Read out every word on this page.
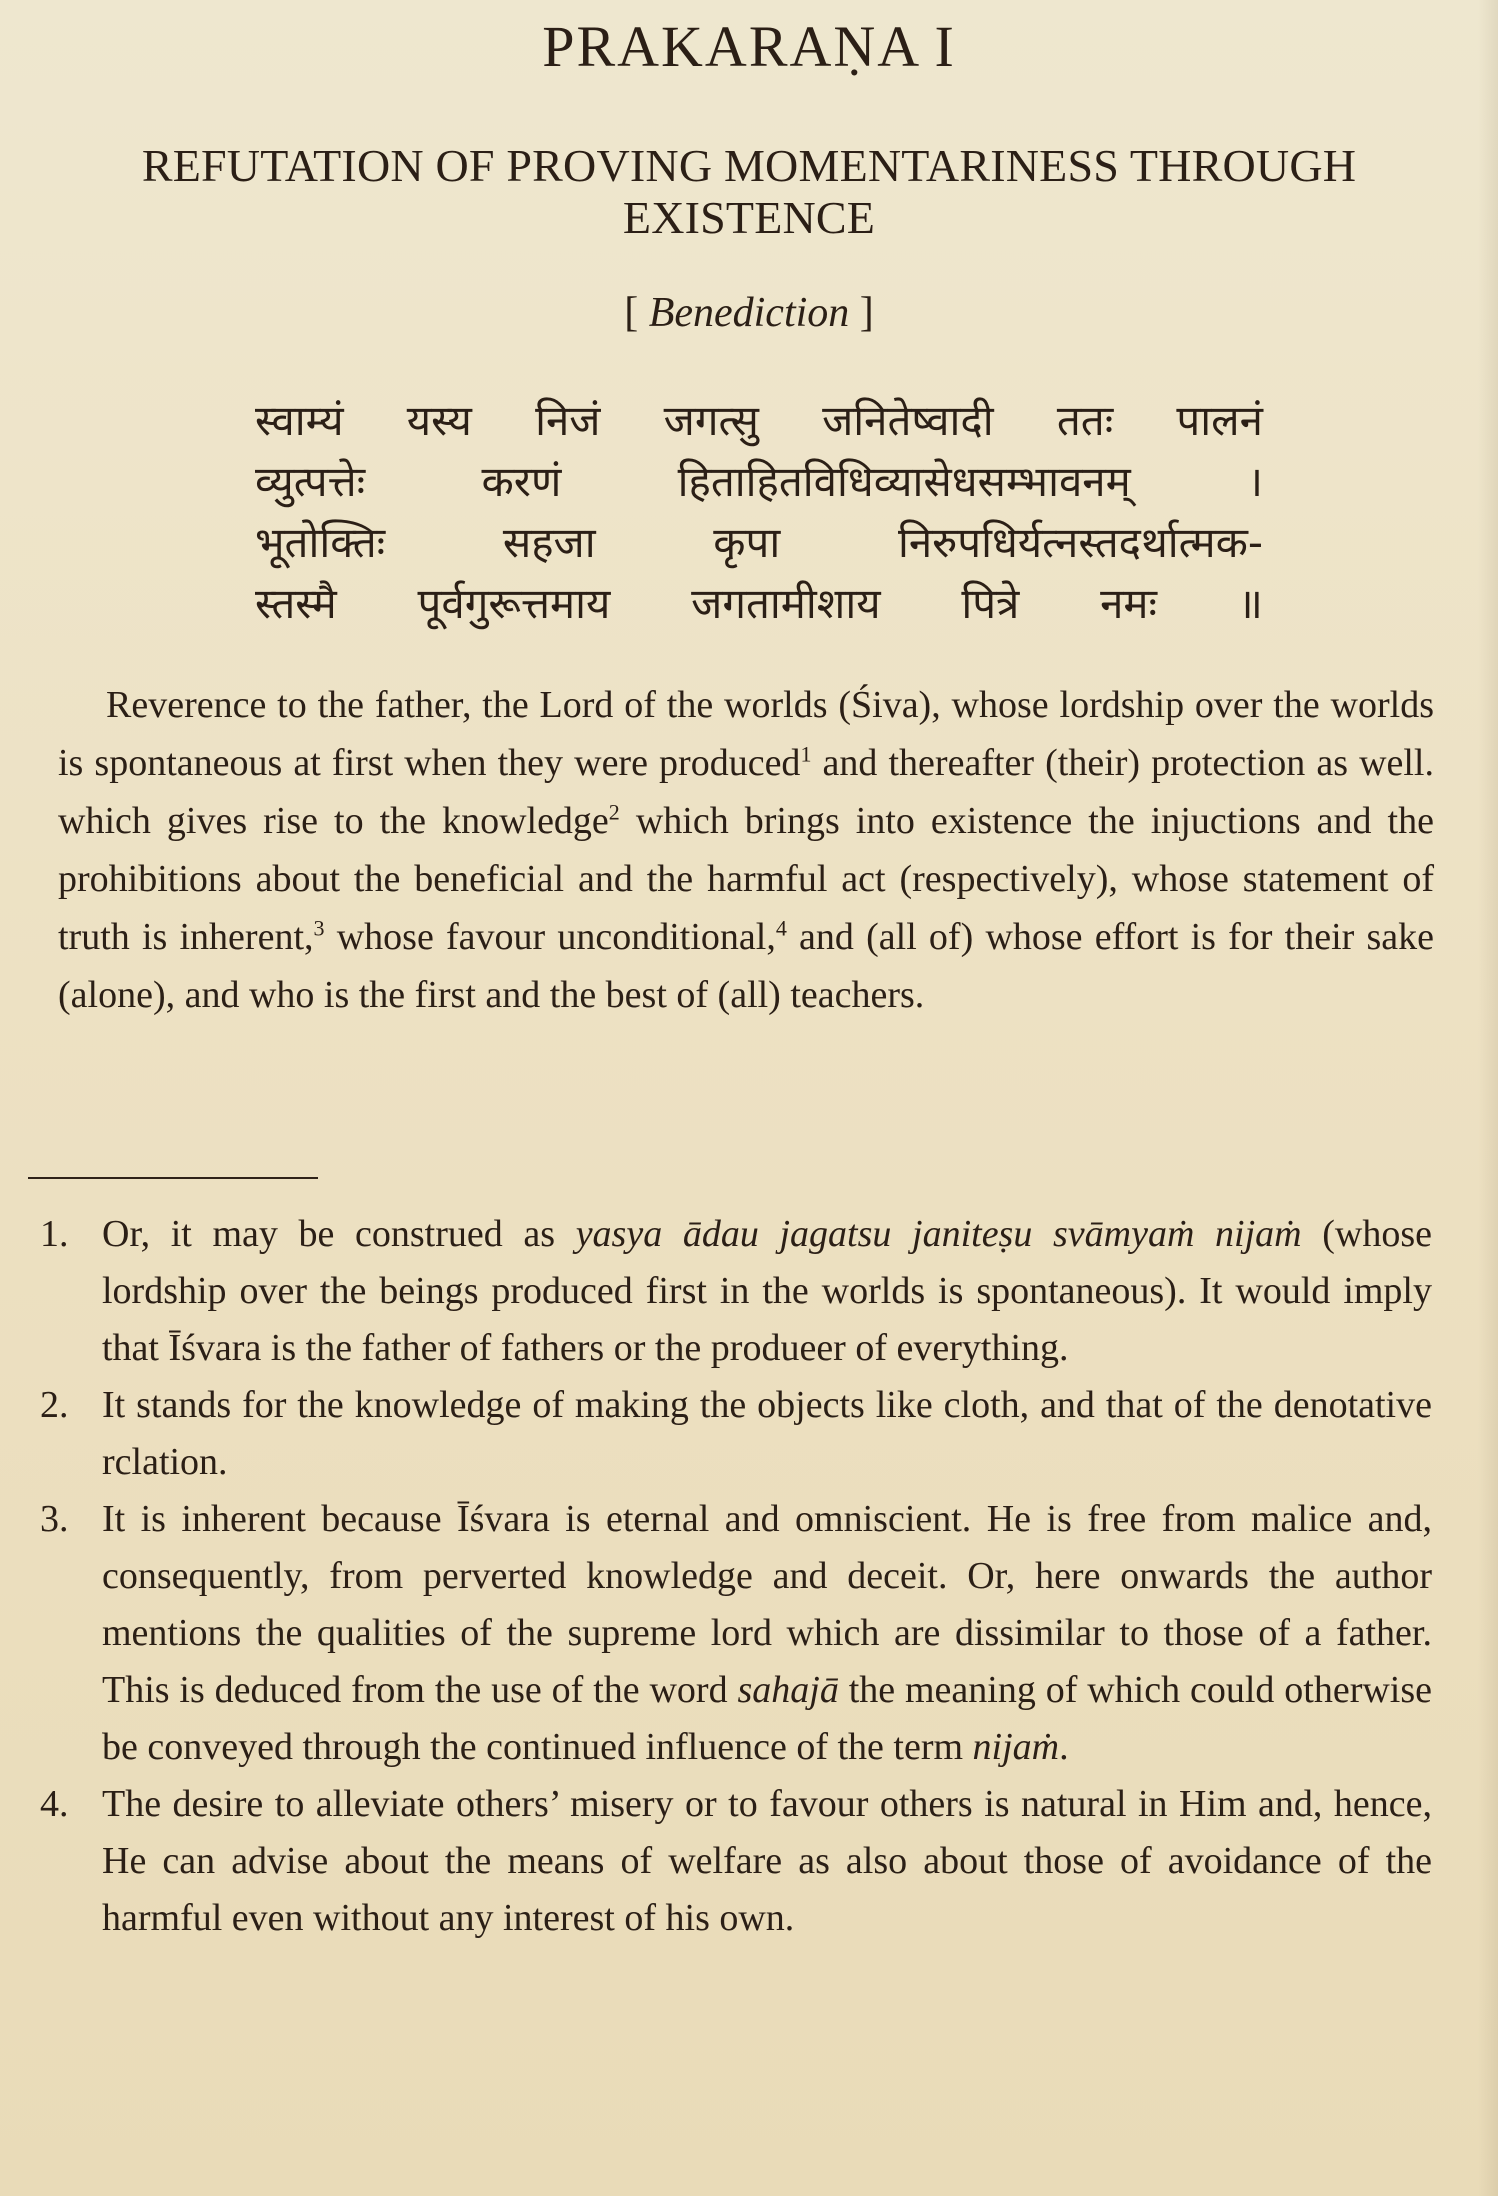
PRAKARAṆA I
REFUTATION OF PROVING MOMENTARINESS THROUGH
EXISTENCE
[ Benediction ]
स्वाम्यं यस्य निजं जगत्सु जनितेष्वादी ततः पालनं
व्युत्पत्तेः	करणं	हिताहितविधिव्यासेधसम्भावनम्	।
भूतोक्तिः	सहजा	कृपा	निरुपधिर्यत्नस्तदर्थात्मक-
स्तस्मै पूर्वगुरूत्तमाय जगतामीशाय पित्रे नमः ॥

Reverence to the father, the Lord of the worlds (Śiva), whose lordship over the worlds is spontaneous at first when they were produced$^1$ and thereafter (their) protection as well. which gives rise to the knowledge$^2$ which brings into existence the injuctions and the prohibitions about the beneficial and the harmful act (respectively), whose statement of truth is inherent,$^3$ whose favour unconditional,$^4$ and (all of) whose effort is for their sake (alone), and who is the first and the best of (all) teachers.

1. Or, it may be construed as yasya ādau jagatsu janiteṣu svāmyaṁ nijaṁ (whose lordship over the beings produced first in the worlds is spontaneous). It would imply that Īśvara is the father of fathers or the produeer of everything.
2. It stands for the knowledge of making the objects like cloth, and that of the denotative rclation.
3. It is inherent because Īśvara is eternal and omniscient. He is free from malice and, consequently, from perverted knowledge and deceit. Or, here onwards the author mentions the qualities of the supreme lord which are dissimilar to those of a father. This is deduced from the use of the word sahajā the meaning of which could otherwise be conveyed through the continued influence of the term nijaṁ.
4. The desire to alleviate others’ misery or to favour others is natural in Him and, hence, He can advise about the means of welfare as also about those of avoidance of the harmful even without any interest of his own.
